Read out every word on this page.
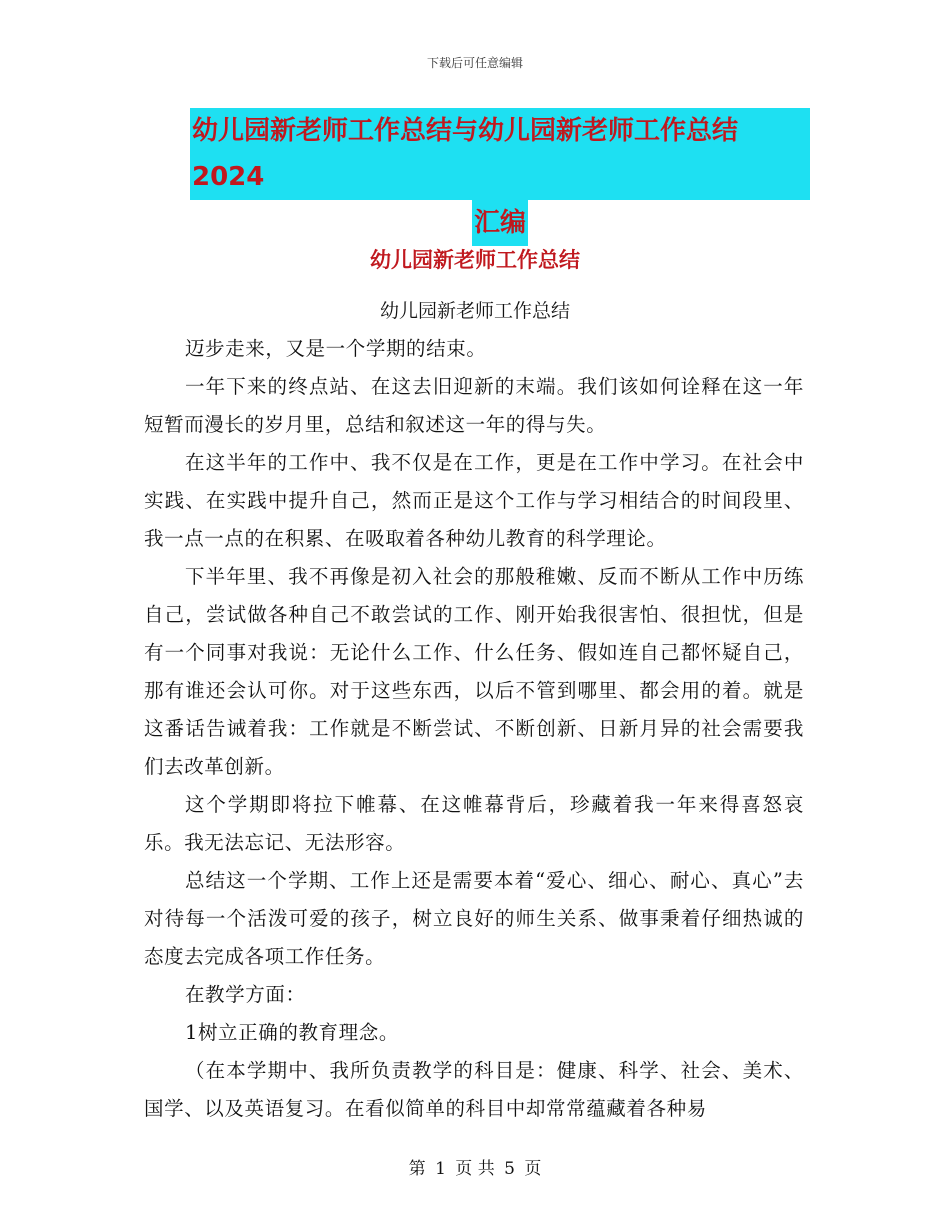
下载后可任意编辑
幼儿园新老师工作总结与幼儿园新老师工作总结2024
汇编
幼儿园新老师工作总结
幼儿园新老师工作总结

迈步走来，又是一个学期的结束。

一年下来的终点站、在这去旧迎新的末端。我们该如何诠释在这一年短暂而漫长的岁月里，总结和叙述这一年的得与失。

在这半年的工作中、我不仅是在工作，更是在工作中学习。在社会中实践、在实践中提升自己，然而正是这个工作与学习相结合的时间段里、我一点一点的在积累、在吸取着各种幼儿教育的科学理论。

下半年里、我不再像是初入社会的那般稚嫩、反而不断从工作中历练自己，尝试做各种自己不敢尝试的工作、刚开始我很害怕、很担忧，但是有一个同事对我说：无论什么工作、什么任务、假如连自己都怀疑自己，那有谁还会认可你。对于这些东西，以后不管到哪里、都会用的着。就是这番话告诫着我：工作就是不断尝试、不断创新、日新月异的社会需要我们去改革创新。

这个学期即将拉下帷幕、在这帷幕背后，珍藏着我一年来得喜怒哀乐。我无法忘记、无法形容。

总结这一个学期、工作上还是需要本着“爱心、细心、耐心、真心”去对待每一个活泼可爱的孩子，树立良好的师生关系、做事秉着仔细热诚的态度去完成各项工作任务。

在教学方面：

1树立正确的教育理念。

（在本学期中、我所负责教学的科目是：健康、科学、社会、美术、国学、以及英语复习。在看似简单的科目中却常常蕴藏着各种易

第 1 页 共 5 页
